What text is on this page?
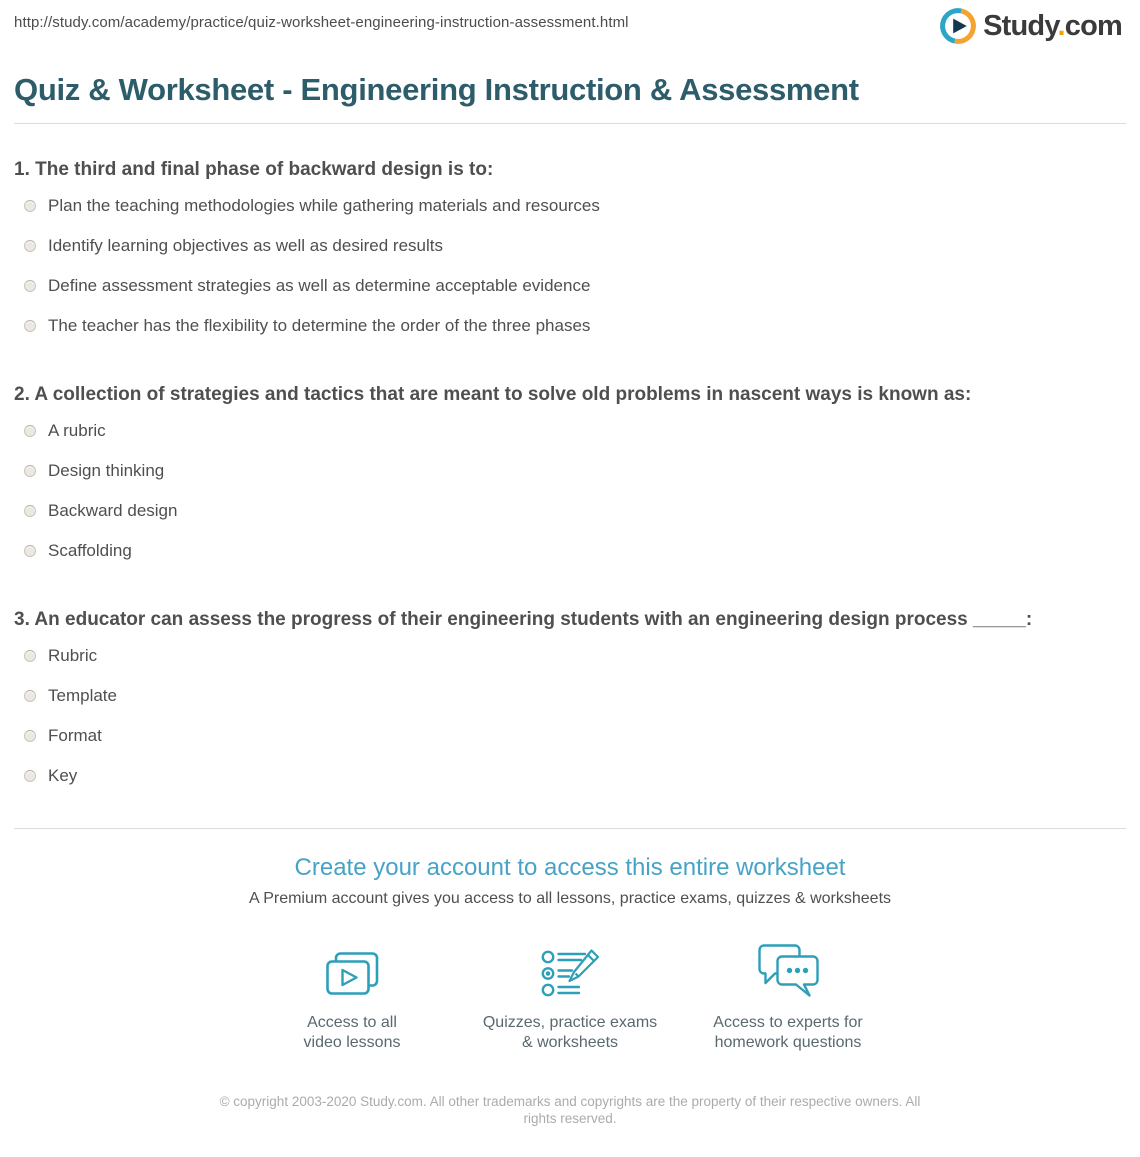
http://study.com/academy/practice/quiz-worksheet-engineering-instruction-assessment.html	Study.com
Quiz & Worksheet - Engineering Instruction & Assessment
1. The third and final phase of backward design is to:
Plan the teaching methodologies while gathering materials and resources
Identify learning objectives as well as desired results
Define assessment strategies as well as determine acceptable evidence
The teacher has the flexibility to determine the order of the three phases
2. A collection of strategies and tactics that are meant to solve old problems in nascent ways is known as:
A rubric
Design thinking
Backward design
Scaffolding
3. An educator can assess the progress of their engineering students with an engineering design process _____:
Rubric
Template
Format
Key
Create your account to access this entire worksheet

A Premium account gives you access to all lessons, practice exams, quizzes & worksheets

Access to all
video lessons
Quizzes, practice exams
& worksheets
Access to experts for
homework questions

© copyright 2003-2020 Study.com. All other trademarks and copyrights are the property of their respective owners. All rights reserved.
